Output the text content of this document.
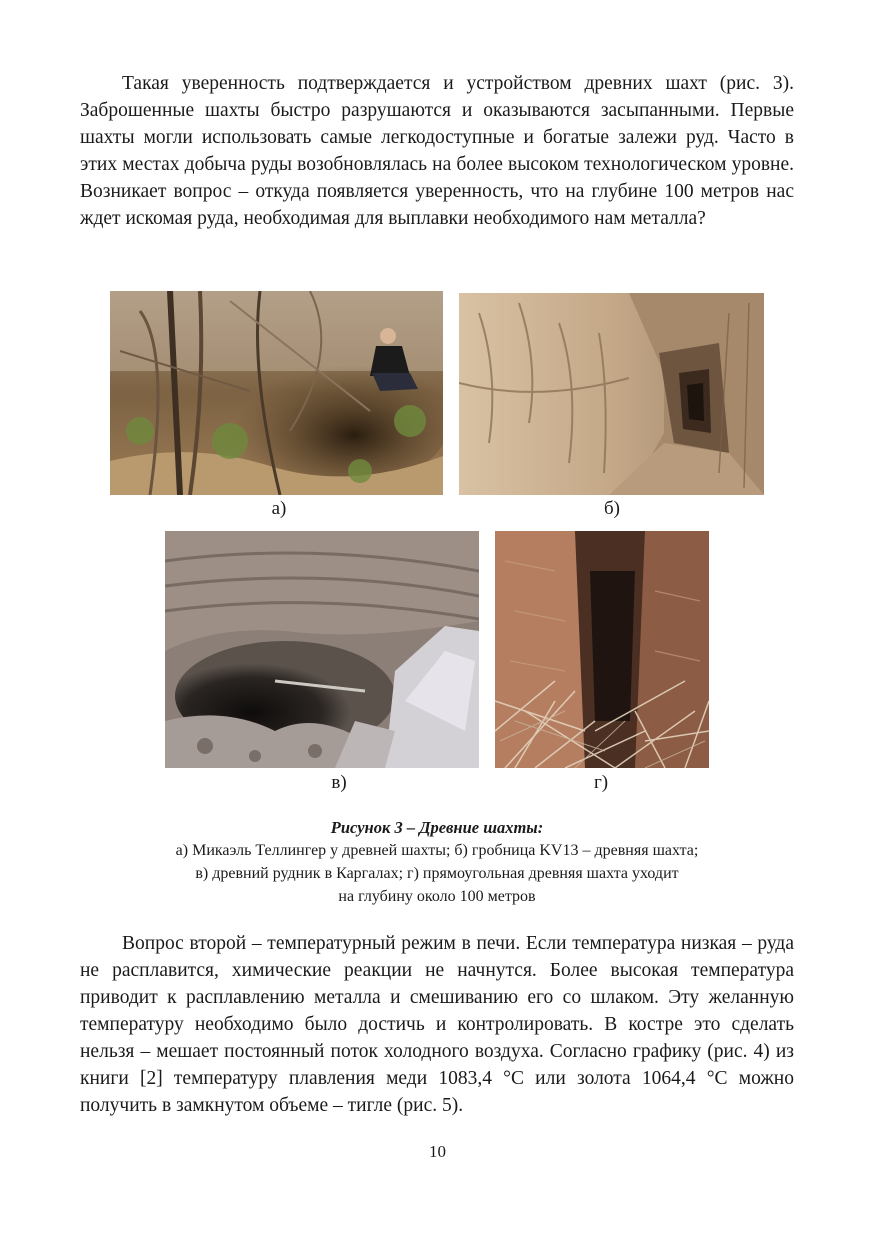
Такая уверенность подтверждается и устройством древних шахт (рис. 3). Заброшенные шахты быстро разрушаются и оказываются засыпанными. Первые шахты могли использовать самые легкодоступные и богатые залежи руд. Часто в этих местах добыча руды возобновлялась на более высоком технологическом уровне. Возникает вопрос – откуда появляется уверенность, что на глубине 100 метров нас ждет искомая руда, необходимая для выплавки необходимого нам металла?

а)	б)
в)	г)
Рисунок 3 – Древние шахты:
а) Микаэль Теллингер у древней шахты; б) гробница KV13 – древняя шахта;
в) древний рудник в Каргалах; г) прямоугольная древняя шахта уходит
на глубину около 100 метров

Вопрос второй – температурный режим в печи. Если температура низкая – руда не расплавится, химические реакции не начнутся. Более высокая температура приводит к расплавлению металла и смешиванию его со шлаком. Эту желанную температуру необходимо было достичь и контролировать. В костре это сделать нельзя – мешает постоянный поток холодного воздуха. Согласно графику (рис. 4) из книги [2] температуру плавления меди 1083,4 °С или золота 1064,4 °С можно получить в замкнутом объеме – тигле (рис. 5).

10
